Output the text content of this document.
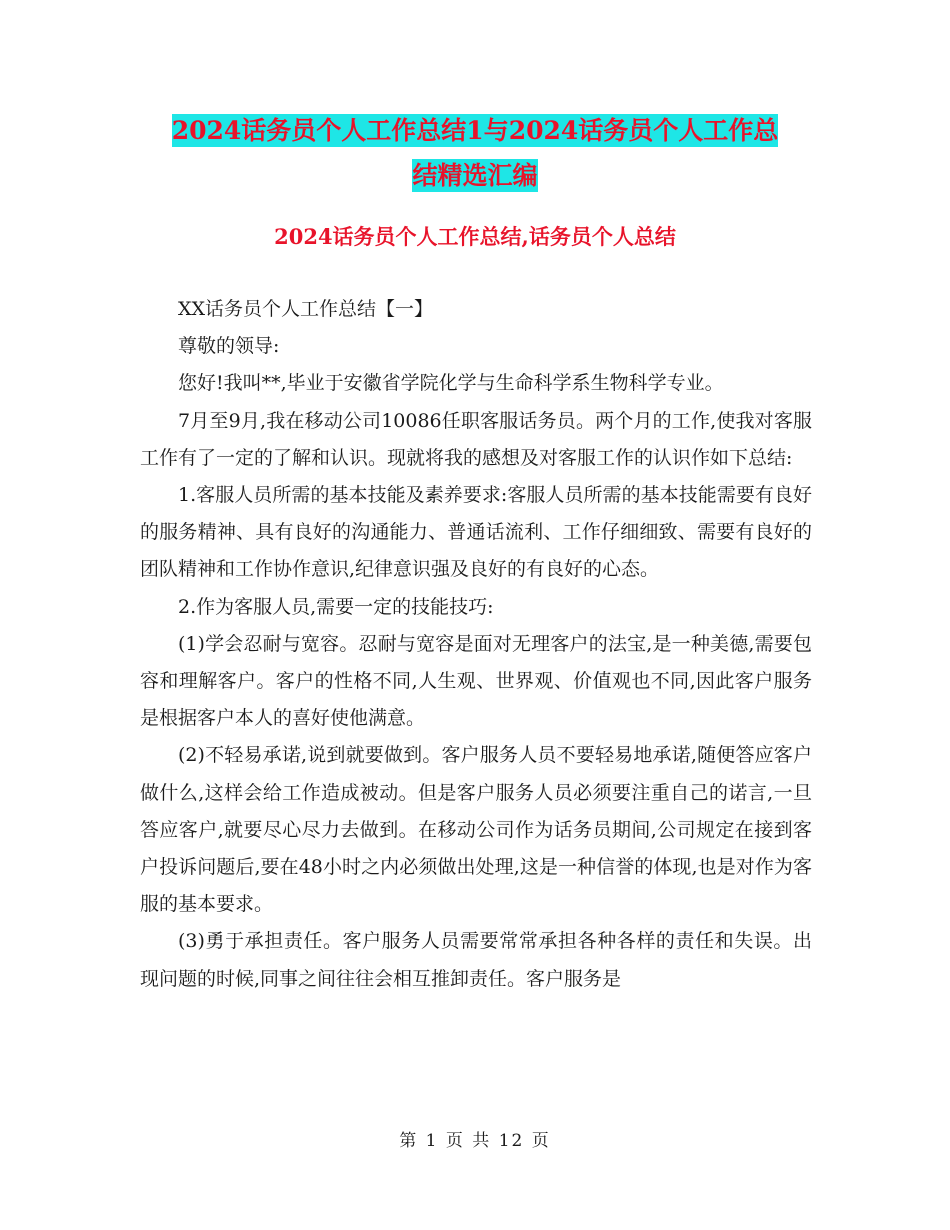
2024话务员个人工作总结1与2024话务员个人工作总
结精选汇编
2024话务员个人工作总结,话务员个人总结

XX话务员个人工作总结【一】

尊敬的领导:

您好!我叫**,毕业于安徽省学院化学与生命科学系生物科学专业。

7月至9月,我在移动公司10086任职客服话务员。两个月的工作,使我对客服工作有了一定的了解和认识。现就将我的感想及对客服工作的认识作如下总结:

1.客服人员所需的基本技能及素养要求:客服人员所需的基本技能需要有良好的服务精神、具有良好的沟通能力、普通话流利、工作仔细细致、需要有良好的团队精神和工作协作意识,纪律意识强及良好的有良好的心态。

2.作为客服人员,需要一定的技能技巧:

(1)学会忍耐与宽容。忍耐与宽容是面对无理客户的法宝,是一种美德,需要包容和理解客户。客户的性格不同,人生观、世界观、价值观也不同,因此客户服务是根据客户本人的喜好使他满意。

(2)不轻易承诺,说到就要做到。客户服务人员不要轻易地承诺,随便答应客户做什么,这样会给工作造成被动。但是客户服务人员必须要注重自己的诺言,一旦答应客户,就要尽心尽力去做到。在移动公司作为话务员期间,公司规定在接到客户投诉问题后,要在48小时之内必须做出处理,这是一种信誉的体现,也是对作为客服的基本要求。

(3)勇于承担责任。客户服务人员需要常常承担各种各样的责任和失误。出现问题的时候,同事之间往往会相互推卸责任。客户服务是

第 1 页 共 12 页
